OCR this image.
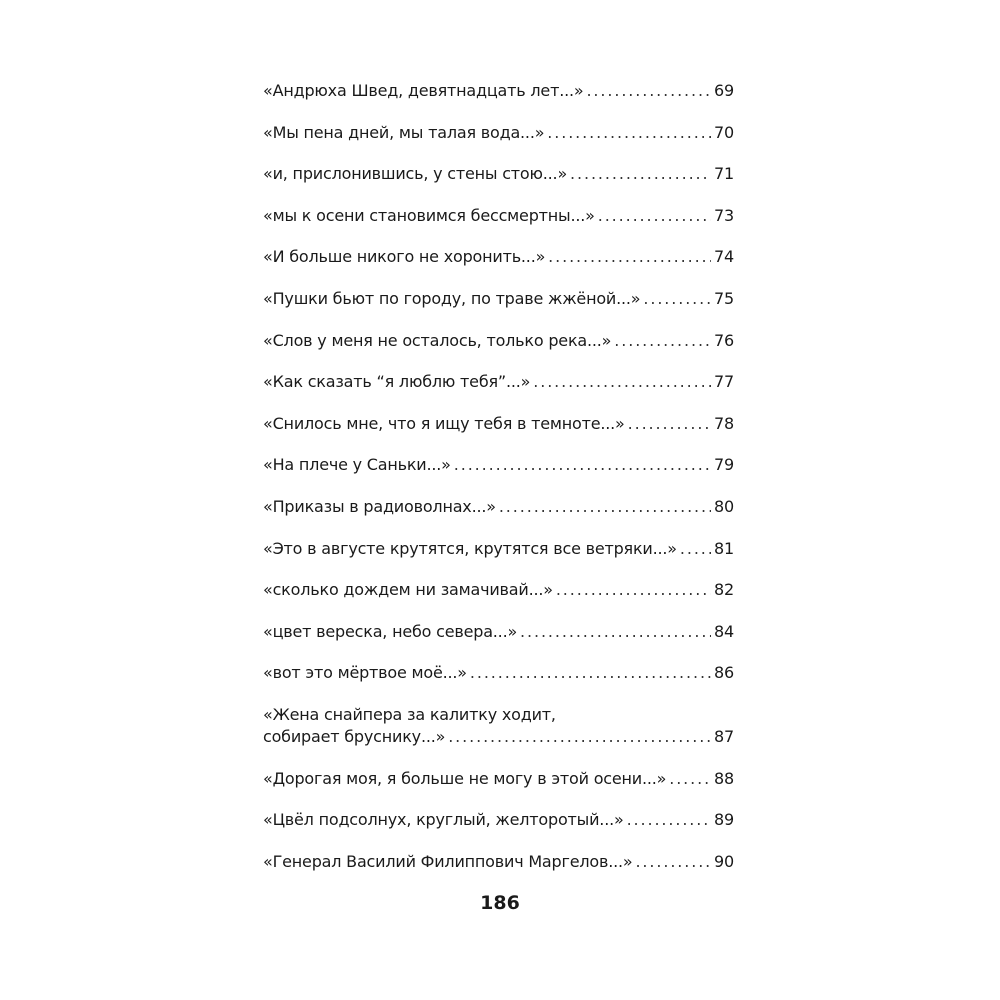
«Андрюха Швед, девятнадцать лет...» . . .	69
«Мы пена дней, мы талая вода...» . . .	70
«и, прислонившись, у стены стою...» . . .	71
«мы к осени становимся бессмертны...» . . .	73
«И больше никого не хоронить...» . . .	74
«Пушки бьют по городу, по траве жжёной...» . . .	75
«Слов у меня не осталось, только река...» . . .	76
«Как сказать “я люблю тебя”...» . . .	77
«Снилось мне, что я ищу тебя в темноте...» . . .	78
«На плече у Саньки...» . . .	79
«Приказы в радиоволнах...» . . .	80
«Это в августе крутятся, крутятся все ветряки...» . . . 81
«сколько дождем ни замачивай...» . . .	82
«цвет вереска, небо севера...» . . .	84
«вот это мёртвое моё...» . . .	86
«Жена снайпера за калитку ходит,
собирает бруснику...» . . .	87
«Дорогая моя, я больше не могу в этой осени...» . . .	88
«Цвёл подсолнух, круглый, желторотый...» . . .	89
«Генерал Василий Филиппович Маргелов...» . . .	90
186
